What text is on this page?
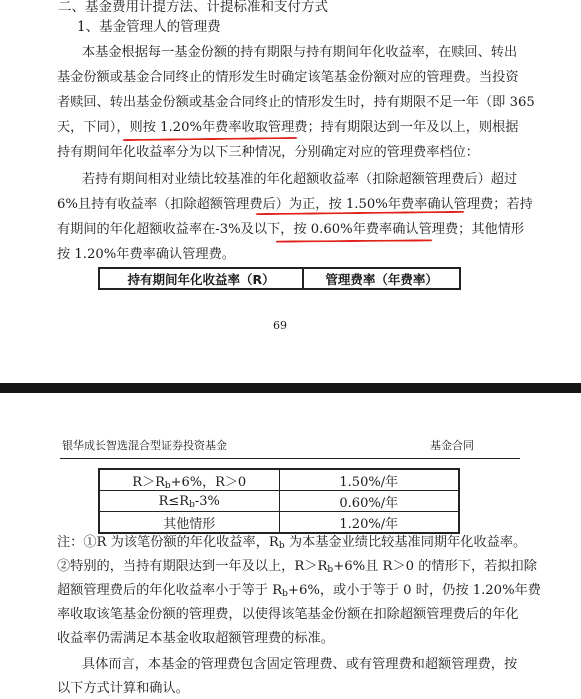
二、基金费用计提方法、计提标准和支付方式
1、基金管理人的管理费
本基金根据每一基金份额的持有期限与持有期间年化收益率，在赎回、转出
基金份额或基金合同终止的情形发生时确定该笔基金份额对应的管理费。当投资
者赎回、转出基金份额或基金合同终止的情形发生时，持有期限不足一年（即 365
天，下同），则按 1.20%年费率收取管理费；持有期限达到一年及以上，则根据
持有期间年化收益率分为以下三种情况，分别确定对应的管理费率档位：
若持有期间相对业绩比较基准的年化超额收益率（扣除超额管理费后）超过
6%且持有收益率（扣除超额管理费后）为正，按 1.50%年费率确认管理费；若持
有期间的年化超额收益率在-3%及以下，按 0.60%年费率确认管理费；其他情形
按 1.20%年费率确认管理费。
持有期间年化收益率（R）	管理费率（年费率）
69
银华成长智选混合型证券投资基金	基金合同
$R>R_b+6\%$，R＞0	1.50%/年
$R\le R_b-3\%$	0.60%/年
其他情形	1.20%/年
注：①R 为该笔份额的年化收益率，$R_b$ 为本基金业绩比较基准同期年化收益率。
②特别的，当持有期限达到一年及以上，$R>R_b+6\%$且 R＞0 的情形下，若拟扣除
超额管理费后的年化收益率小于等于 $R_b+6\%$，或小于等于 0 时，仍按 1.20%年费
率收取该笔基金份额的管理费，以使得该笔基金份额在扣除超额管理费后的年化
收益率仍需满足本基金收取超额管理费的标准。
具体而言，本基金的管理费包含固定管理费、或有管理费和超额管理费，按
以下方式计算和确认。
